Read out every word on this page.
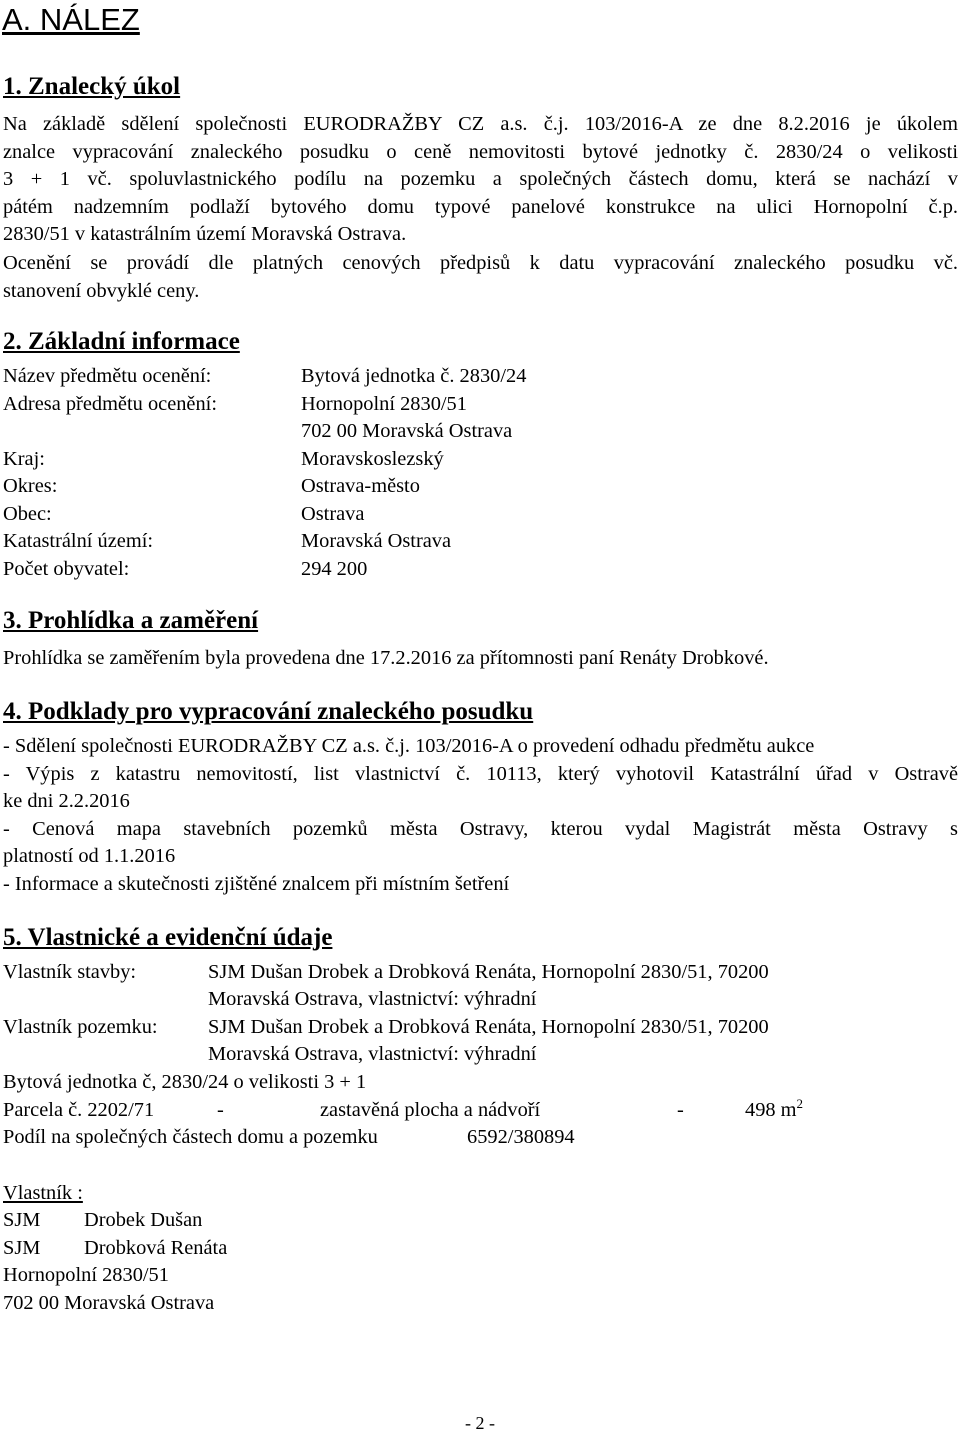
A. NÁLEZ
1. Znalecký úkol
Na základě sdělení společnosti EURODRAŽBY CZ a.s. č.j. 103/2016-A ze dne 8.2.2016 je úkolem
znalce vypracování znaleckého posudku o ceně nemovitosti bytové jednotky č. 2830/24 o velikosti
3 + 1 vč. spoluvlastnického podílu na pozemku a společných částech domu, která se nachází v
pátém nadzemním podlaží bytového domu typové panelové konstrukce na ulici Hornopolní č.p.
2830/51 v katastrálním území Moravská Ostrava.
Ocenění se provádí dle platných cenových předpisů k datu vypracování znaleckého posudku vč.
stanovení obvyklé ceny.
2. Základní informace
Název předmětu ocenění:	Bytová jednotka č. 2830/24
Adresa předmětu ocenění:	Hornopolní 2830/51
702 00 Moravská Ostrava
Kraj:	Moravskoslezský
Okres:	Ostrava-město
Obec:	Ostrava
Katastrální území:	Moravská Ostrava
Počet obyvatel:	294 200
3. Prohlídka a zaměření
Prohlídka se zaměřením byla provedena dne 17.2.2016 za přítomnosti paní Renáty Drobkové.
4. Podklady pro vypracování znaleckého posudku
- Sdělení společnosti EURODRAŽBY CZ a.s. č.j. 103/2016-A o provedení odhadu předmětu aukce
- Výpis z katastru nemovitostí, list vlastnictví č. 10113, který vyhotovil Katastrální úřad v Ostravě
ke dni 2.2.2016
- Cenová mapa stavebních pozemků města Ostravy, kterou vydal Magistrát města Ostravy s
platností od 1.1.2016
- Informace a skutečnosti zjištěné znalcem při místním šetření
5. Vlastnické a evidenční údaje
Vlastník stavby:	SJM Dušan Drobek a Drobková Renáta, Hornopolní 2830/51, 70200
Moravská Ostrava, vlastnictví: výhradní
Vlastník pozemku: SJM Dušan Drobek a Drobková Renáta, Hornopolní 2830/51, 70200
Moravská Ostrava, vlastnictví: výhradní
Bytová jednotka č, 2830/24 o velikosti 3 + 1
Parcela č. 2202/71	-	zastavěná plocha a nádvoří	-	498 $m^2$
Podíl na společných částech domu a pozemku	6592/380894
Vlastník :
SJM Drobek Dušan
SJM Drobková Renáta
Hornopolní 2830/51
702 00 Moravská Ostrava
- 2 -
